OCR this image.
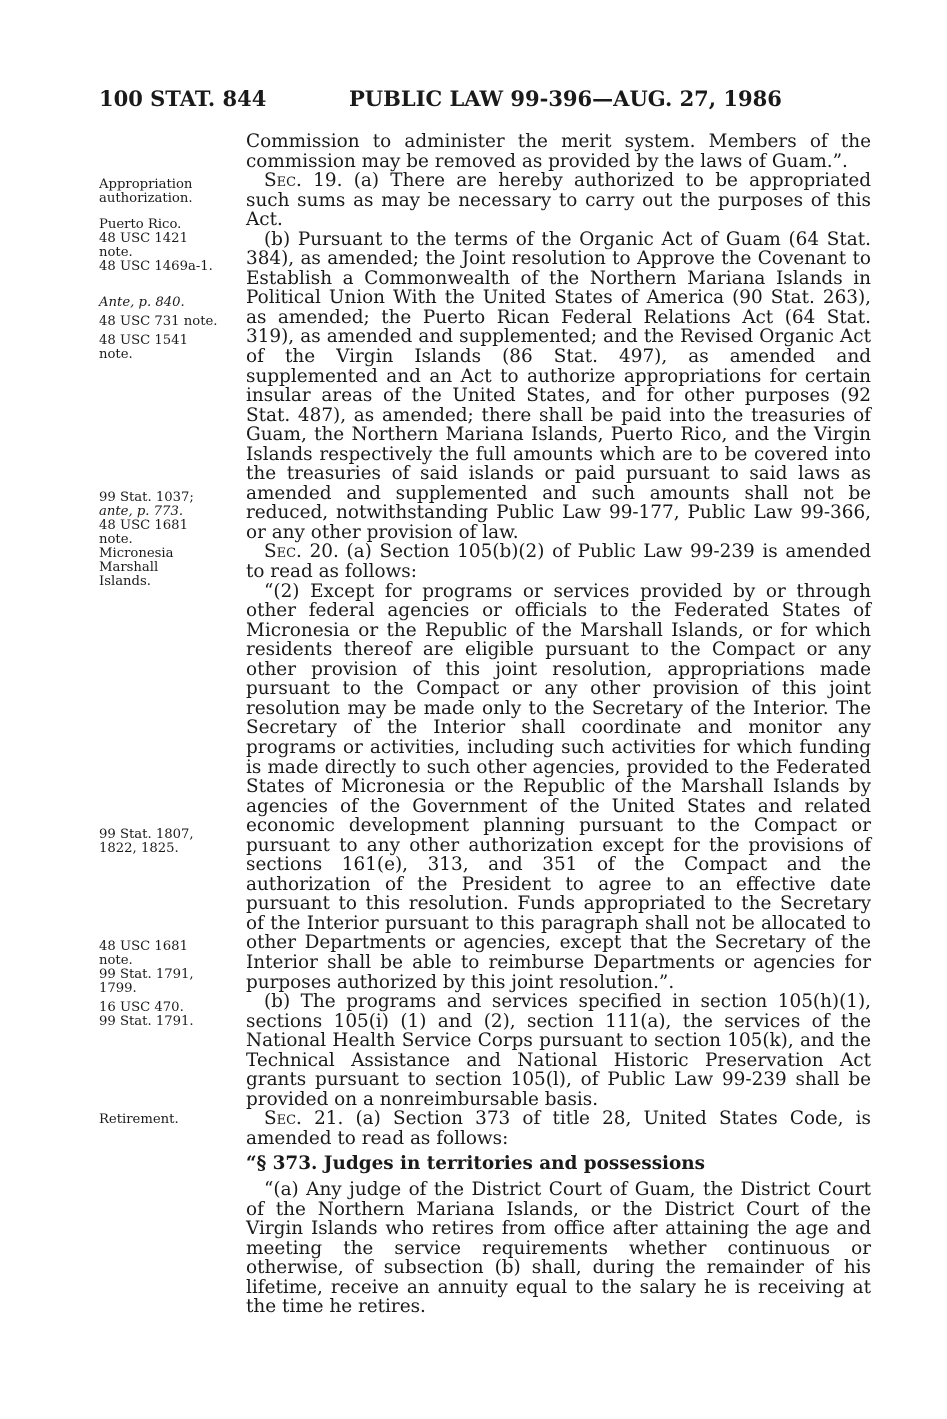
100 STAT. 844	PUBLIC LAW 99-396—AUG. 27, 1986
Appropriation
authorization.
Puerto Rico.
48 USC 1421
note.
48 USC 1469a-1.
Ante, p. 840.
48 USC 731 note.
48 USC 1541
note.
99 Stat. 1037;
ante, p. 773.
48 USC 1681
note.
Micronesia
Marshall
Islands.
99 Stat. 1807,
1822, 1825.
48 USC 1681
note.
99 Stat. 1791,
1799.
16 USC 470.
99 Stat. 1791.
Retirement.

Commission to administer the merit system. Members of the commission may be removed as provided by the laws of Guam.”.

Sec. 19. (a) There are hereby authorized to be appropriated such sums as may be necessary to carry out the purposes of this Act.

(b) Pursuant to the terms of the Organic Act of Guam (64 Stat. 384), as amended; the Joint resolution to Approve the Covenant to Establish a Commonwealth of the Northern Mariana Islands in Political Union With the United States of America (90 Stat. 263), as amended; the Puerto Rican Federal Relations Act (64 Stat. 319), as amended and supplemented; and the Revised Organic Act of the Virgin Islands (86 Stat. 497), as amended and supplemented and an Act to authorize appropriations for certain insular areas of the United States, and for other purposes (92 Stat. 487), as amended; there shall be paid into the treasuries of Guam, the Northern Mariana Islands, Puerto Rico, and the Virgin Islands respectively the full amounts which are to be covered into the treasuries of said islands or paid pursuant to said laws as amended and supplemented and such amounts shall not be reduced, notwithstanding Public Law 99-177, Public Law 99-366, or any other provision of law.

Sec. 20. (a) Section 105(b)(2) of Public Law 99-239 is amended to read as follows:

“(2) Except for programs or services provided by or through other federal agencies or officials to the Federated States of Micronesia or the Republic of the Marshall Islands, or for which residents thereof are eligible pursuant to the Compact or any other provision of this joint resolution, appropriations made pursuant to the Compact or any other provision of this joint resolution may be made only to the Secretary of the Interior. The Secretary of the Interior shall coordinate and monitor any programs or activities, including such activities for which funding is made directly to such other agencies, provided to the Federated States of Micronesia or the Republic of the Marshall Islands by agencies of the Government of the United States and related economic development planning pursuant to the Compact or pursuant to any other authorization except for the provisions of sections 161(e), 313, and 351 of the Compact and the authorization of the President to agree to an effective date pursuant to this resolution. Funds appropriated to the Secretary of the Interior pursuant to this paragraph shall not be allocated to other Departments or agencies, except that the Secretary of the Interior shall be able to reimburse Departments or agencies for purposes authorized by this joint resolution.”.

(b) The programs and services specified in section 105(h)(1), sections 105(i) (1) and (2), section 111(a), the services of the National Health Service Corps pursuant to section 105(k), and the Technical Assistance and National Historic Preservation Act grants pursuant to section 105(l), of Public Law 99-239 shall be provided on a nonreimbursable basis.

Sec. 21. (a) Section 373 of title 28, United States Code, is amended to read as follows:

“§ 373. Judges in territories and possessions

“(a) Any judge of the District Court of Guam, the District Court of the Northern Mariana Islands, or the District Court of the Virgin Islands who retires from office after attaining the age and meeting the service requirements whether continuous or otherwise, of subsection (b) shall, during the remainder of his lifetime, receive an annuity equal to the salary he is receiving at the time he retires.
